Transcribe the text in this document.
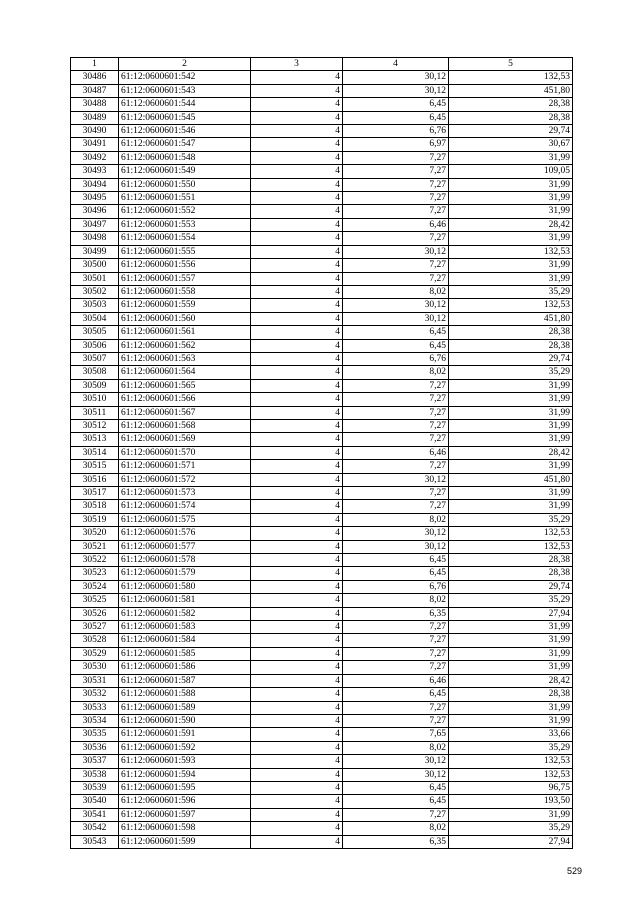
1	2	3	4	5
30486	61:12:0600601:542	4	30,12	132,53
30487	61:12:0600601:543	4	30,12	451,80
30488	61:12:0600601:544	4	6,45	28,38
30489	61:12:0600601:545	4	6,45	28,38
30490	61:12:0600601:546	4	6,76	29,74
30491	61:12:0600601:547	4	6,97	30,67
30492	61:12:0600601:548	4	7,27	31,99
30493	61:12:0600601:549	4	7,27	109,05
30494	61:12:0600601:550	4	7,27	31,99
30495	61:12:0600601:551	4	7,27	31,99
30496	61:12:0600601:552	4	7,27	31,99
30497	61:12:0600601:553	4	6,46	28,42
30498	61:12:0600601:554	4	7,27	31,99
30499	61:12:0600601:555	4	30,12	132,53
30500	61:12:0600601:556	4	7,27	31,99
30501	61:12:0600601:557	4	7,27	31,99
30502	61:12:0600601:558	4	8,02	35,29
30503	61:12:0600601:559	4	30,12	132,53
30504	61:12:0600601:560	4	30,12	451,80
30505	61:12:0600601:561	4	6,45	28,38
30506	61:12:0600601:562	4	6,45	28,38
30507	61:12:0600601:563	4	6,76	29,74
30508	61:12:0600601:564	4	8,02	35,29
30509	61:12:0600601:565	4	7,27	31,99
30510	61:12:0600601:566	4	7,27	31,99
30511	61:12:0600601:567	4	7,27	31,99
30512	61:12:0600601:568	4	7,27	31,99
30513	61:12:0600601:569	4	7,27	31,99
30514	61:12:0600601:570	4	6,46	28,42
30515	61:12:0600601:571	4	7,27	31,99
30516	61:12:0600601:572	4	30,12	451,80
30517	61:12:0600601:573	4	7,27	31,99
30518	61:12:0600601:574	4	7,27	31,99
30519	61:12:0600601:575	4	8,02	35,29
30520	61:12:0600601:576	4	30,12	132,53
30521	61:12:0600601:577	4	30,12	132,53
30522	61:12:0600601:578	4	6,45	28,38
30523	61:12:0600601:579	4	6,45	28,38
30524	61:12:0600601:580	4	6,76	29,74
30525	61:12:0600601:581	4	8,02	35,29
30526	61:12:0600601:582	4	6,35	27,94
30527	61:12:0600601:583	4	7,27	31,99
30528	61:12:0600601:584	4	7,27	31,99
30529	61:12:0600601:585	4	7,27	31,99
30530	61:12:0600601:586	4	7,27	31,99
30531	61:12:0600601:587	4	6,46	28,42
30532	61:12:0600601:588	4	6,45	28,38
30533	61:12:0600601:589	4	7,27	31,99
30534	61:12:0600601:590	4	7,27	31,99
30535	61:12:0600601:591	4	7,65	33,66
30536	61:12:0600601:592	4	8,02	35,29
30537	61:12:0600601:593	4	30,12	132,53
30538	61:12:0600601:594	4	30,12	132,53
30539	61:12:0600601:595	4	6,45	96,75
30540	61:12:0600601:596	4	6,45	193,50
30541	61:12:0600601:597	4	7,27	31,99
30542	61:12:0600601:598	4	8,02	35,29
30543	61:12:0600601:599	4	6,35	27,94
529
